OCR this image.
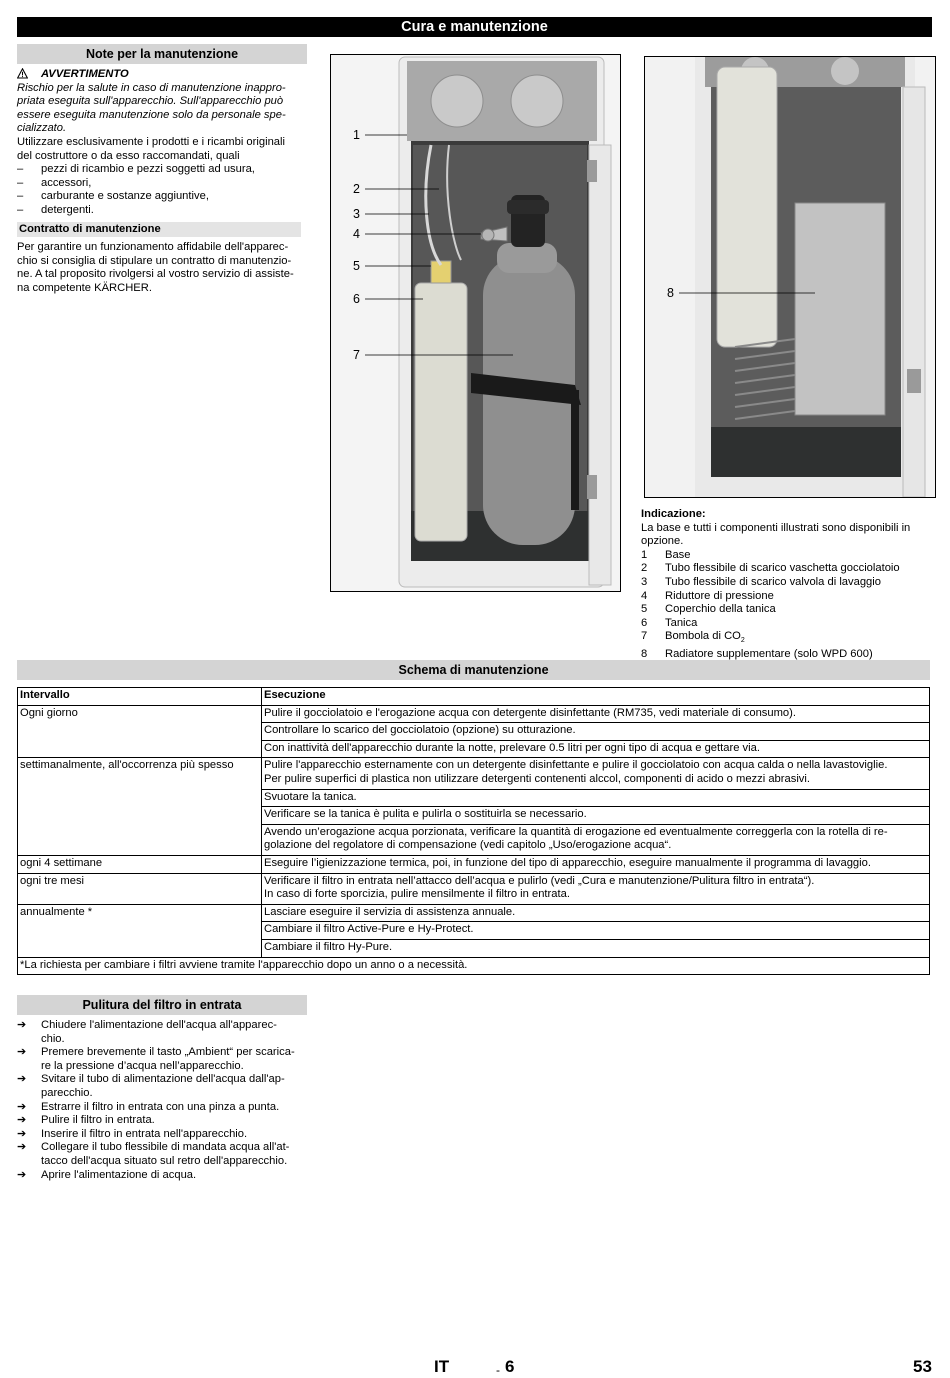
Cura e manutenzione
Note per la manutenzione
AVVERTIMENTO

Rischio per la salute in caso di manutenzione inappro-

priata eseguita sull'apparecchio. Sull'apparecchio può

essere eseguita manutenzione solo da personale spe-

cializzato.

Utilizzare esclusivamente i prodotti e i ricambi originali

del costruttore o da esso raccomandati, quali

– pezzi di ricambio e pezzi soggetti ad usura,
– accessori,
– carburante e sostanze aggiuntive,
– detergenti.
Contratto di manutenzione

Per garantire un funzionamento affidabile dell'apparec-

chio si consiglia di stipulare un contratto di manutenzio-

ne. A tal proposito rivolgersi al vostro servizio di assiste-

na competente KÄRCHER.

1
2
3
4
5
6
7
8

Indicazione:

La base e tutti i componenti illustrati sono disponibili in

opzione.

1 Base
2 Tubo flessibile di scarico vaschetta gocciolatoio
3 Tubo flessibile di scarico valvola di lavaggio
4 Riduttore di pressione
5 Coperchio della tanica
6 Tanica
7 Bombola di $CO_2$
8 Radiatore supplementare (solo WPD 600)
Schema di manutenzione
Intervallo	Esecuzione
Ogni giorno	Pulire il gocciolatoio e l'erogazione acqua con detergente disinfettante (RM735, vedi materiale di consumo).
	Controllare lo scarico del gocciolatoio (opzione) su otturazione.
	Con inattività dell'apparecchio durante la notte, prelevare 0.5 litri per ogni tipo di acqua e gettare via.
settimanalmente, all'occorrenza più spesso	Pulire l'apparecchio esternamente con un detergente disinfettante e pulire il gocciolatoio con acqua calda o nella lavastoviglie.
Per pulire superfici di plastica non utilizzare detergenti contenenti alccol, componenti di acido o mezzi abrasivi.

	Svuotare la tanica.
	Verificare se la tanica è pulita e pulirla o sostituirla se necessario.

	Avendo un’erogazione acqua porzionata, verificare la quantità di erogazione ed eventualmente correggerla con la rotella di re-
golazione del regolatore di compensazione (vedi capitolo „Uso/erogazione acqua“.

ogni 4 settimane	Eseguire l’igienizzazione termica, poi, in funzione del tipo di apparecchio, eseguire manualmente il programma di lavaggio.
ogni tre mesi	Verificare il filtro in entrata nell’attacco dell’acqua e pulirlo (vedi „Cura e manutenzione/Pulitura filtro in entrata“).
In caso di forte sporcizia, pulire mensilmente il filtro in entrata.

annualmente *	Lasciare eseguire il servizia di assistenza annuale.
	Cambiare il filtro Active-Pure e Hy-Protect.
	Cambiare il filtro Hy-Pure.
*La richiesta per cambiare i filtri avviene tramite l'apparecchio dopo un anno o a necessità.	
Pulitura del filtro in entrata
➔ Chiudere l'alimentazione dell'acqua all'apparec-
chio.
➔ Premere brevemente il tasto „Ambient“ per scarica-
re la pressione d’acqua nell’apparecchio.
➔ Svitare il tubo di alimentazione dell'acqua dall'ap-
parecchio.
➔ Estrarre il filtro in entrata con una pinza a punta.
➔ Pulire il filtro in entrata.
➔ Inserire il filtro in entrata nell'apparecchio.
➔ Collegare il tubo flessibile di mandata acqua all'at-
tacco dell'acqua situato sul retro dell'apparecchio.
➔ Aprire l'alimentazione di acqua.
IT	- 6	53
